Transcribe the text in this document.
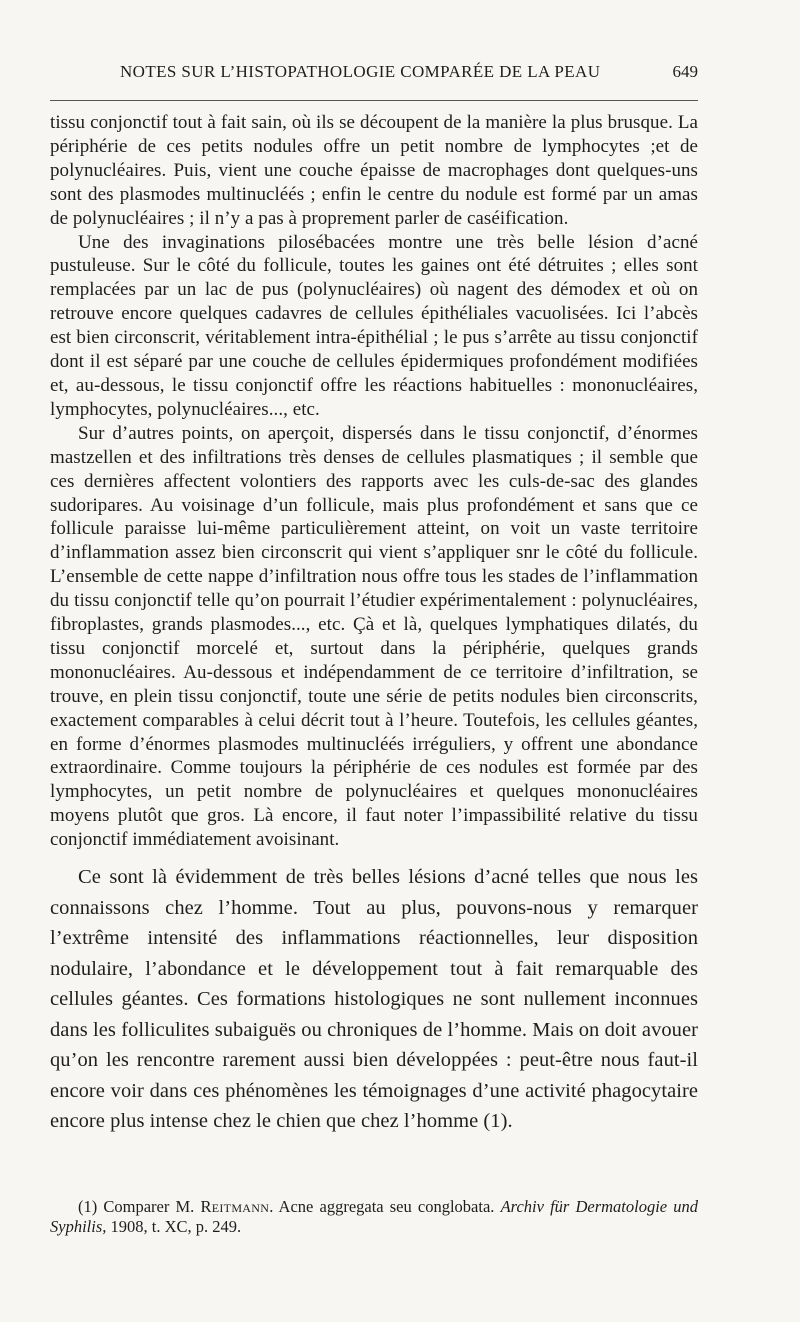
NOTES SUR L’HISTOPATHOLOGIE COMPARÉE DE LA PEAU	649

tissu conjonctif tout à fait sain, où ils se découpent de la manière la plus brusque. La périphérie de ces petits nodules offre un petit nombre de lymphocytes ;et de polynucléaires. Puis, vient une couche épaisse de macrophages dont quelques-uns sont des plasmodes multinucléés ; enfin le centre du nodule est formé par un amas de polynucléaires ; il n’y a pas à proprement parler de caséification.

Une des invaginations pilosébacées montre une très belle lésion d’acné pustuleuse. Sur le côté du follicule, toutes les gaines ont été détruites ; elles sont remplacées par un lac de pus (polynucléaires) où nagent des démodex et où on retrouve encore quelques cadavres de cellules épithéliales vacuolisées. Ici l’abcès est bien circonscrit, véritablement intra-épithélial ; le pus s’arrête au tissu conjonctif dont il est séparé par une couche de cellules épidermiques profondément modifiées et, au-dessous, le tissu conjonctif offre les réactions habituelles : mononucléaires, lymphocytes, polynucléaires..., etc.

Sur d’autres points, on aperçoit, dispersés dans le tissu conjonctif, d’énormes mastzellen et des infiltrations très denses de cellules plasmatiques ; il semble que ces dernières affectent volontiers des rapports avec les culs-de-sac des glandes sudoripares. Au voisinage d’un follicule, mais plus profondément et sans que ce follicule paraisse lui-même particulièrement atteint, on voit un vaste territoire d’inflammation assez bien circonscrit qui vient s’appliquer snr le côté du follicule. L’ensemble de cette nappe d’infiltration nous offre tous les stades de l’inflammation du tissu conjonctif telle qu’on pourrait l’étudier expérimentalement : polynucléaires, fibroplastes, grands plasmodes..., etc. Çà et là, quelques lymphatiques dilatés, du tissu conjonctif morcelé et, surtout dans la périphérie, quelques grands mononucléaires. Au-dessous et indépendamment de ce territoire d’infiltration, se trouve, en plein tissu conjonctif, toute une série de petits nodules bien circonscrits, exactement comparables à celui décrit tout à l’heure. Toutefois, les cellules géantes, en forme d’énormes plasmodes multinucléés irréguliers, y offrent une abondance extraordinaire. Comme toujours la périphérie de ces nodules est formée par des lymphocytes, un petit nombre de polynucléaires et quelques mononucléaires moyens plutôt que gros. Là encore, il faut noter l’impassibilité relative du tissu conjonctif immédiatement avoisinant.

Ce sont là évidemment de très belles lésions d’acné telles que nous les connaissons chez l’homme. Tout au plus, pouvons-nous y remarquer l’extrême intensité des inflammations réactionnelles, leur disposition nodulaire, l’abondance et le développement tout à fait remarquable des cellules géantes. Ces formations histologiques ne sont nullement inconnues dans les folliculites subaiguës ou chroniques de l’homme. Mais on doit avouer qu’on les rencontre rarement aussi bien développées : peut-être nous faut-il encore voir dans ces phénomènes les témoignages d’une activité phagocytaire encore plus intense chez le chien que chez l’homme (1).

(1) Comparer M. Reitmann. Acne aggregata seu conglobata. Archiv für Dermatologie und Syphilis, 1908, t. XC, p. 249.
